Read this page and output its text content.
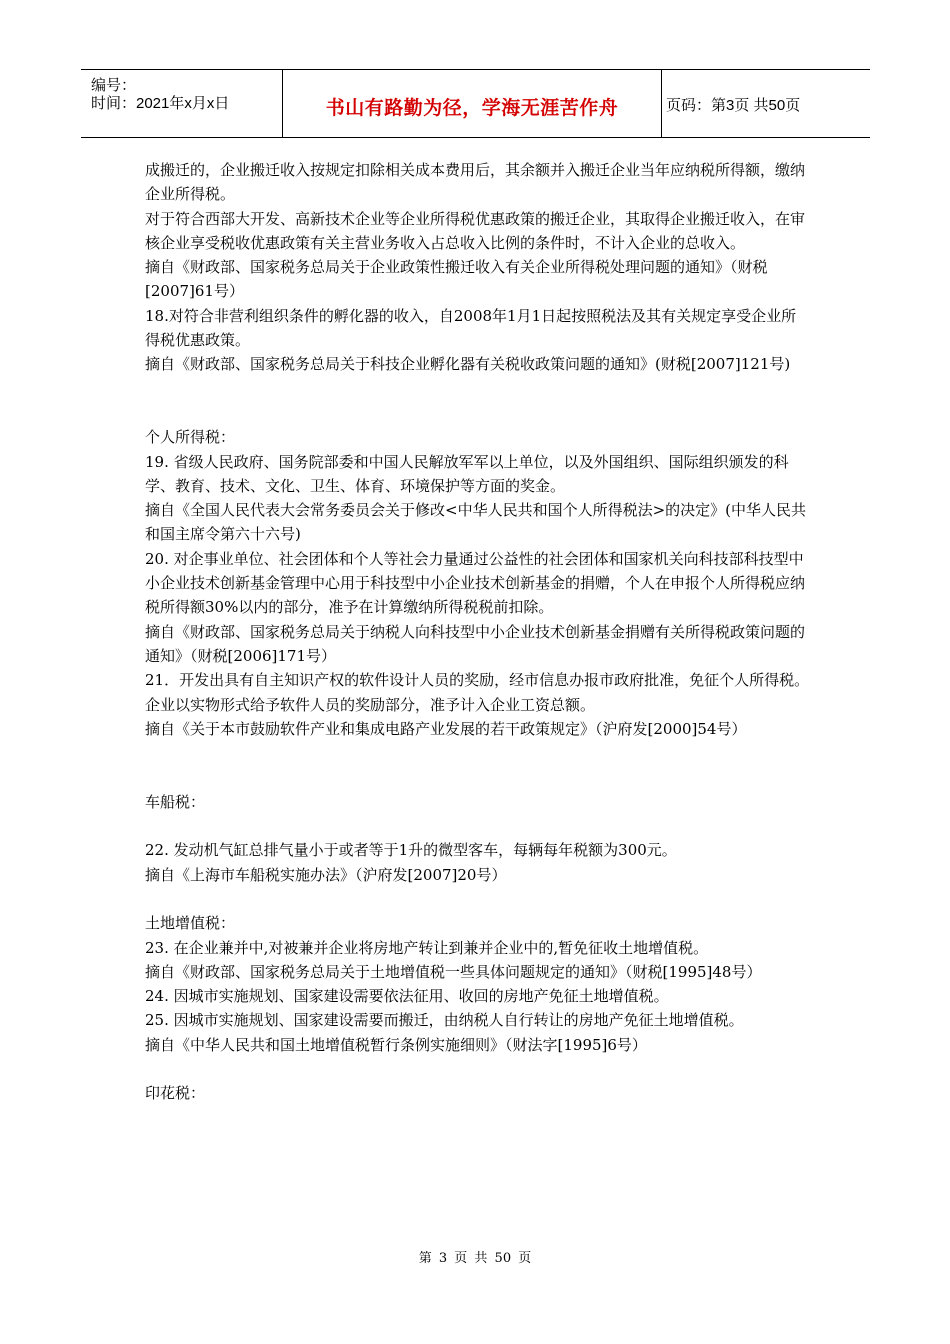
编号：
时间：2021年x月x日	书山有路勤为径，学海无涯苦作舟	页码：第3页 共50页

成搬迁的，企业搬迁收入按规定扣除相关成本费用后，其余额并入搬迁企业当年应纳税所得额，缴纳企业所得税。

对于符合西部大开发、高新技术企业等企业所得税优惠政策的搬迁企业，其取得企业搬迁收入，在审核企业享受税收优惠政策有关主营业务收入占总收入比例的条件时，不计入企业的总收入。

摘自《财政部、国家税务总局关于企业政策性搬迁收入有关企业所得税处理问题的通知》（财税[2007]61号）

18.对符合非营利组织条件的孵化器的收入，自2008年1月1日起按照税法及其有关规定享受企业所得税优惠政策。

摘自《财政部、国家税务总局关于科技企业孵化器有关税收政策问题的通知》(财税[2007]121号)

个人所得税：

19. 省级人民政府、国务院部委和中国人民解放军军以上单位，以及外国组织、国际组织颁发的科学、教育、技术、文化、卫生、体育、环境保护等方面的奖金。

摘自《全国人民代表大会常务委员会关于修改<中华人民共和国个人所得税法>的决定》(中华人民共和国主席令第六十六号)

20. 对企事业单位、社会团体和个人等社会力量通过公益性的社会团体和国家机关向科技部科技型中小企业技术创新基金管理中心用于科技型中小企业技术创新基金的捐赠，个人在申报个人所得税应纳税所得额30%以内的部分，准予在计算缴纳所得税税前扣除。

摘自《财政部、国家税务总局关于纳税人向科技型中小企业技术创新基金捐赠有关所得税政策问题的通知》（财税[2006]171号）

21．开发出具有自主知识产权的软件设计人员的奖励，经市信息办报市政府批准，免征个人所得税。企业以实物形式给予软件人员的奖励部分，准予计入企业工资总额。

摘自《关于本市鼓励软件产业和集成电路产业发展的若干政策规定》（沪府发[2000]54号）

车船税：

22. 发动机气缸总排气量小于或者等于1升的微型客车，每辆每年税额为300元。

摘自《上海市车船税实施办法》（沪府发[2007]20号）

土地增值税：

23. 在企业兼并中,对被兼并企业将房地产转让到兼并企业中的,暂免征收土地增值税。

摘自《财政部、国家税务总局关于土地增值税一些具体问题规定的通知》（财税[1995]48号）

24. 因城市实施规划、国家建设需要依法征用、收回的房地产免征土地增值税。

25. 因城市实施规划、国家建设需要而搬迁，由纳税人自行转让的房地产免征土地增值税。

摘自《中华人民共和国土地增值税暂行条例实施细则》（财法字[1995]6号）

印花税：

第 3 页 共 50 页
